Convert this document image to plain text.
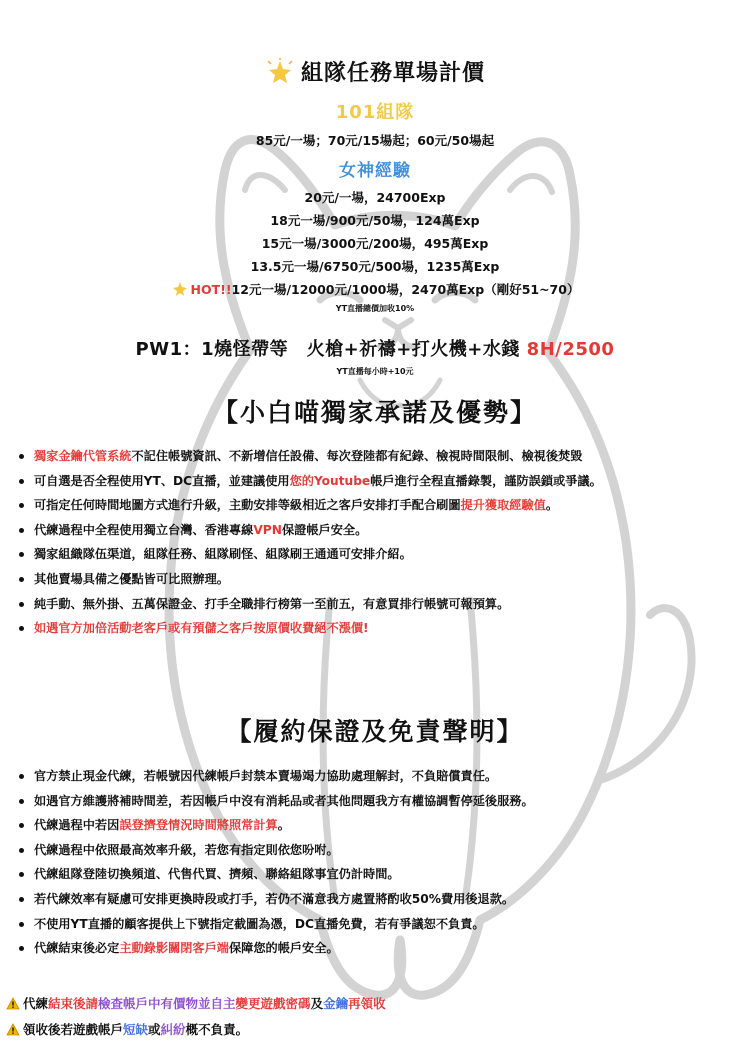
組隊任務單場計價
101組隊
85元/一場；70元/15場起；60元/50場起
女神經驗
20元/一場，24700Exp
18元一場/900元/50場，124萬Exp
15元一場/3000元/200場，495萬Exp
13.5元一場/6750元/500場，1235萬Exp
HOT!!12元一場/12000元/1000場，2470萬Exp（剛好51~70）
YT直播總價加收10%
PW1：1燒怪帶等　火槍+祈禱+打火機+水錢 8H/2500
YT直播每小時+10元
【小白喵獨家承諾及優勢】
獨家金鑰代管系統不記住帳號資訊、不新增信任設備、每次登陸都有紀錄、檢視時間限制、檢視後焚毀
可自選是否全程使用YT、DC直播，並建議使用您的Youtube帳戶進行全程直播錄製，謹防誤鎖或爭議。
可指定任何時間地圖方式進行升級，主動安排等級相近之客戶安排打手配合刷圖提升獲取經驗值。
代練過程中全程使用獨立台灣、香港專線VPN保證帳戶安全。
獨家組織隊伍渠道，組隊任務、組隊刷怪、組隊刷王通通可安排介紹。
其他賣場具備之優點皆可比照辦理。
純手動、無外掛、五萬保證金、打手全職排行榜第一至前五，有意買排行帳號可報預算。
如遇官方加倍活動老客戶或有預儲之客戶按原價收費絕不漲價!
【履約保證及免責聲明】
官方禁止現金代練，若帳號因代練帳戶封禁本賣場竭力協助處理解封，不負賠償責任。
如遇官方維護將補時間差，若因帳戶中沒有消耗品或者其他問題我方有權協調暫停延後服務。
代練過程中若因誤登擠登情況時間將照常計算。
代練過程中依照最高效率升級，若您有指定則依您吩咐。
代練組隊登陸切換頻道、代售代買、擠頻、聯絡組隊事宜仍計時間。
若代練效率有疑慮可安排更換時段或打手，若仍不滿意我方處置將酌收50%費用後退款。
不使用YT直播的顧客提供上下號指定截圖為憑，DC直播免費，若有爭議恕不負責。
代練結束後必定主動錄影關閉客戶端保障您的帳戶安全。
代練結束後請檢查帳戶中有價物並自主變更遊戲密碼及金鑰再領收
領收後若遊戲帳戶短缺或糾紛概不負責。
